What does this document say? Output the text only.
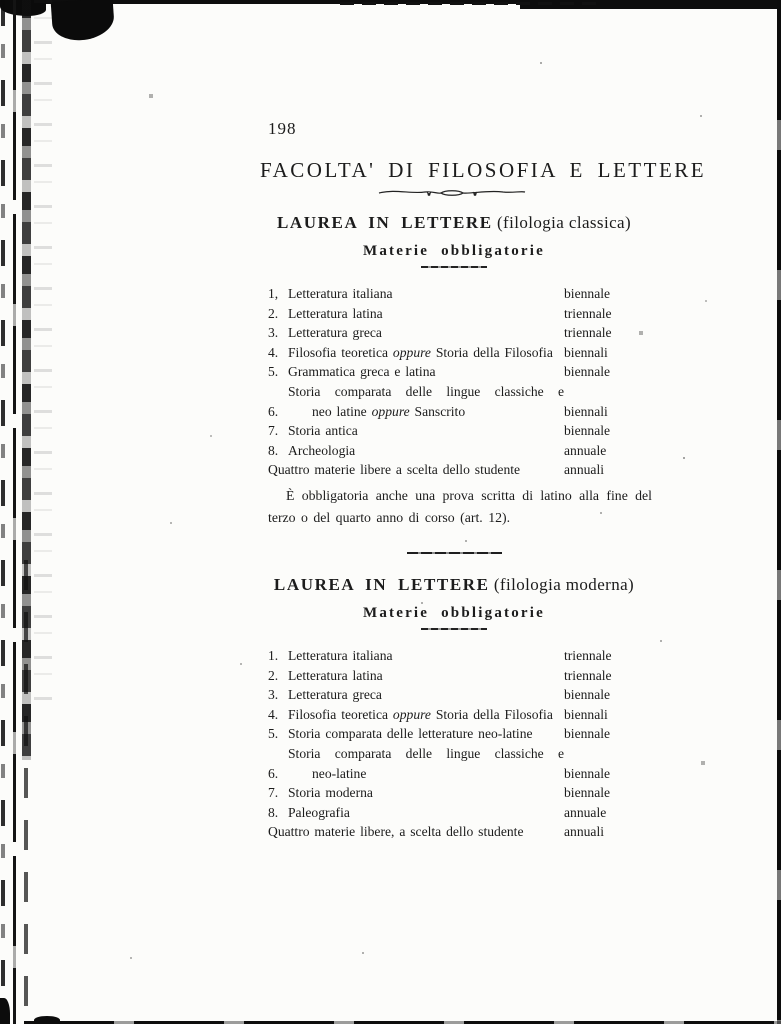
198
FACOLTA' DI FILOSOFIA E LETTERE
LAUREA IN LETTERE (filologia classica)
Materie obbligatorie
1, Letteratura italiana	biennale
2. Letteratura latina	triennale
3. Letteratura greca	triennale
4. Filosofia teoretica oppure Storia della Filosofia biennali
5. Grammatica greca e latina	biennale
6.
Storia comparata delle lingue classiche e
neo latine oppure Sanscrito	biennali
7. Storia antica	biennale
8. Archeologia	annuale
Quattro materie libere a scelta dello studente	annuali
È obbligatoria anche una prova scritta di latino alla fine del
terzo o del quarto anno di corso (art. 12).
LAUREA IN LETTERE (filologia moderna)
Materie obbligatorie
1. Letteratura italiana	triennale
2. Letteratura latina	triennale
3. Letteratura greca	biennale
4. Filosofia teoretica oppure Storia della Filosofia biennali
5. Storia comparata delle letterature neo-latine	biennale
6.
Storia comparata delle lingue classiche e
neo-latine	biennale
7. Storia moderna	biennale
8. Paleografia	annuale
Quattro materie libere, a scelta dello studente	annuali
